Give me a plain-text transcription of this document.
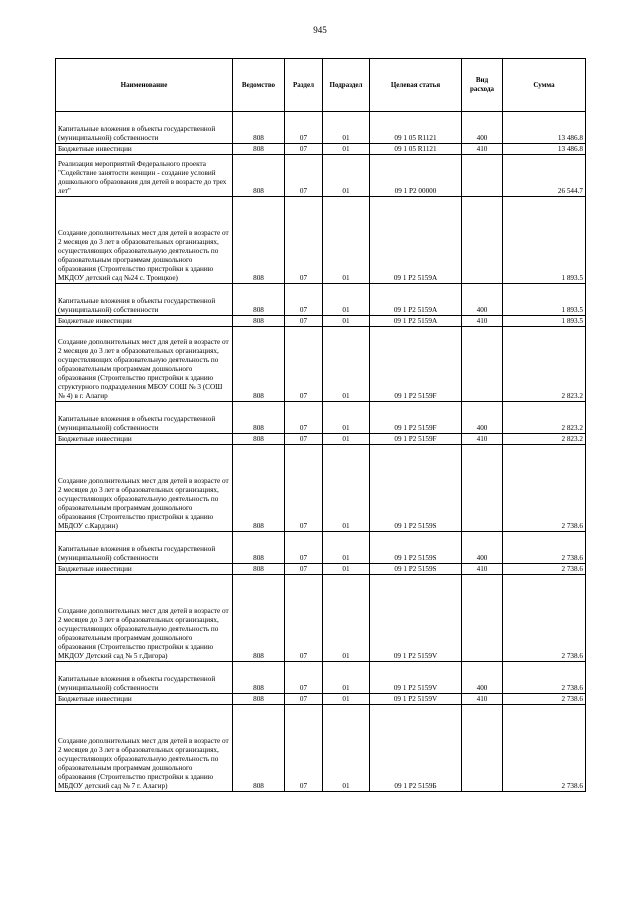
945
Наименование	Ведомство	Раздел	Подраздел	Целевая статья	Вид расхода	Сумма
Капитальные вложения в объекты государственной (муниципальной) собственности	808	07	01	09 1 05 R1121	400	13 486.8
Бюджетные инвестиции	808	07	01	09 1 05 R1121	410	13 486.8
Реализация мероприятий Федерального проекта "Содействие занятости женщин - создание условий дошкольного образования для детей в возрасте до трех лет"	808	07	01	09 1 P2 00000		26 544.7
Создание дополнительных мест для детей в возрасте от 2 месяцев до 3 лет в образовательных организациях, осуществляющих образовательную деятельность по образовательным программам дошкольного образования (Строительство пристройки к зданию МКДОУ детский сад №24 с. Троицкое)	808	07	01	09 1 P2 5159A		1 893.5
Капитальные вложения в объекты государственной (муниципальной) собственности	808	07	01	09 1 P2 5159A	400	1 893.5
Бюджетные инвестиции	808	07	01	09 1 P2 5159A	410	1 893.5
Создание дополнительных мест для детей в возрасте от 2 месяцев до 3 лет в образовательных организациях, осуществляющих образовательную деятельность по образовательным программам дошкольного образования (Строительство пристройки к зданию структурного подразделения МБОУ СОШ № 3 (СОШ № 4) в г. Алагир	808	07	01	09 1 P2 5159F		2 823.2
Капитальные вложения в объекты государственной (муниципальной) собственности	808	07	01	09 1 P2 5159F	400	2 823.2
Бюджетные инвестиции	808	07	01	09 1 P2 5159F	410	2 823.2
Создание дополнительных мест для детей в возрасте от 2 месяцев до 3 лет в образовательных организациях, осуществляющих образовательную деятельность по образовательным программам дошкольного образования (Строительство пристройки к зданию МБДОУ с.Кардзин)	808	07	01	09 1 P2 5159S		2 738.6
Капитальные вложения в объекты государственной (муниципальной) собственности	808	07	01	09 1 P2 5159S	400	2 738.6
Бюджетные инвестиции	808	07	01	09 1 P2 5159S	410	2 738.6
Создание дополнительных мест для детей в возрасте от 2 месяцев до 3 лет в образовательных организациях, осуществляющих образовательную деятельность по образовательным программам дошкольного образования (Строительство пристройки к зданию МКДОУ Детский сад № 5 г.Дигора)	808	07	01	09 1 P2 5159V		2 738.6
Капитальные вложения в объекты государственной (муниципальной) собственности	808	07	01	09 1 P2 5159V	400	2 738.6
Бюджетные инвестиции	808	07	01	09 1 P2 5159V	410	2 738.6
Создание дополнительных мест для детей в возрасте от 2 месяцев до 3 лет в образовательных организациях, осуществляющих образовательную деятельность по образовательным программам дошкольного образования (Строительство пристройки к зданию МБДОУ детский сад № 7 г. Алагир)	808	07	01	09 1 P2 5159Б		2 738.6
